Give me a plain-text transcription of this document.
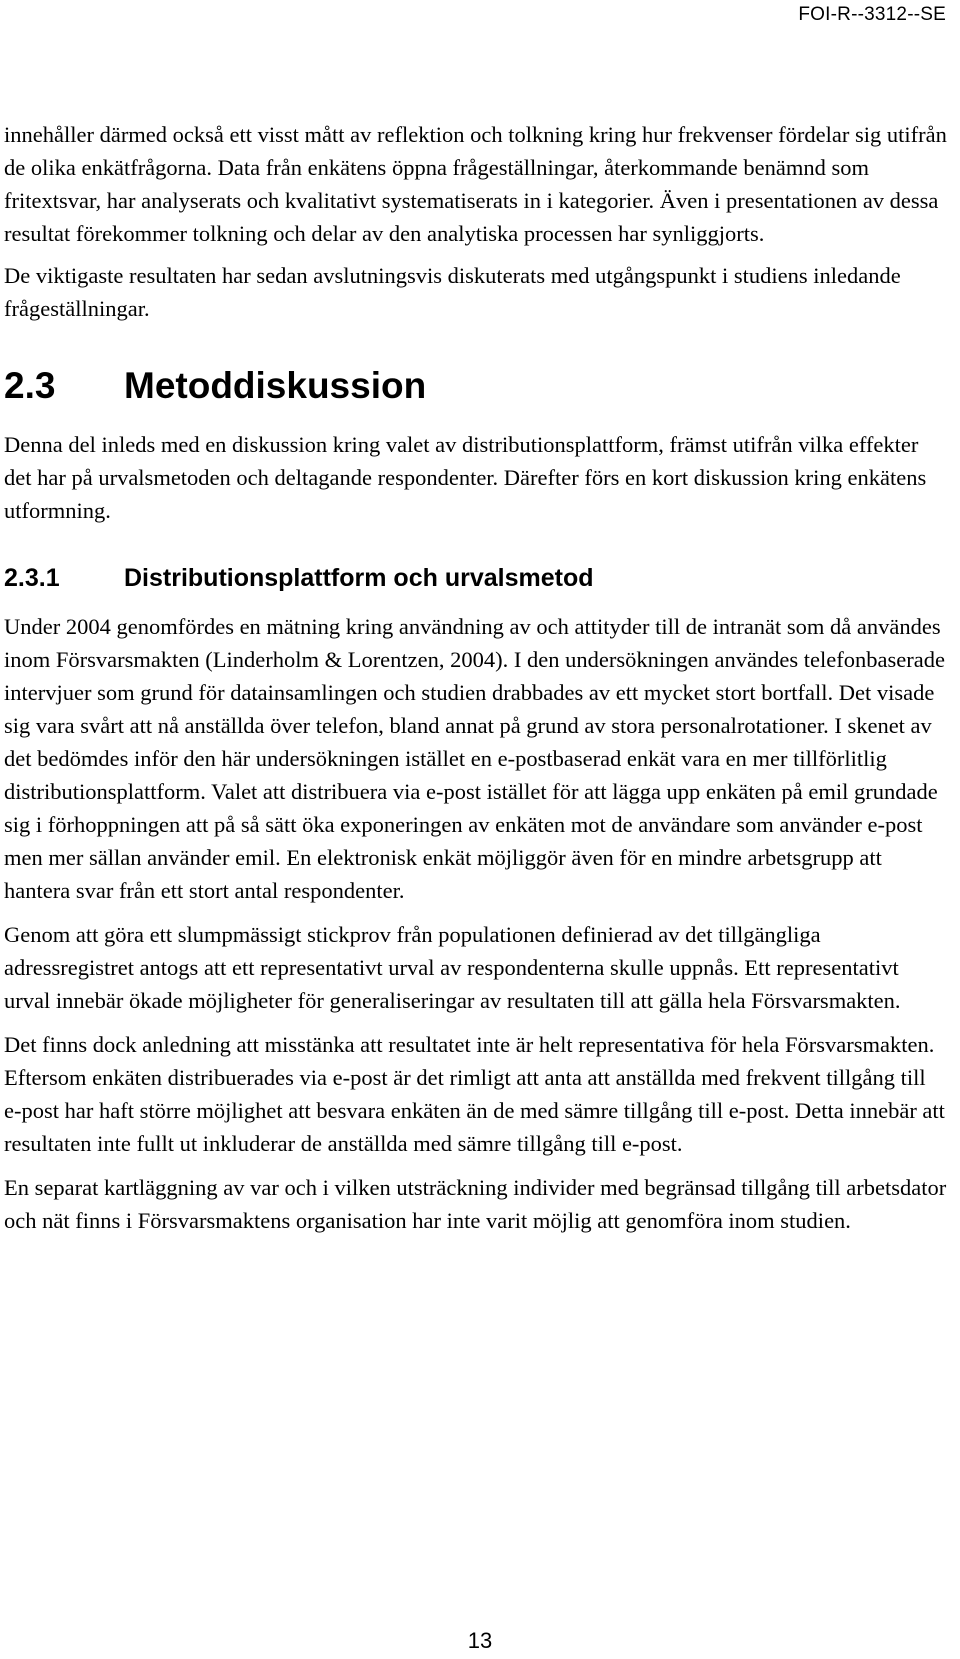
FOI-R--3312--SE

innehåller därmed också ett visst mått av reflektion och tolkning kring hur frekvenser fördelar sig utifrån de olika enkätfrågorna. Data från enkätens öppna frågeställningar, återkommande benämnd som fritextsvar, har analyserats och kvalitativt systematiserats in i kategorier. Även i presentationen av dessa resultat förekommer tolkning och delar av den analytiska processen har synliggjorts.

De viktigaste resultaten har sedan avslutningsvis diskuterats med utgångspunkt i studiens inledande frågeställningar.

2.3	Metoddiskussion

Denna del inleds med en diskussion kring valet av distributionsplattform, främst utifrån vilka effekter det har på urvalsmetoden och deltagande respondenter. Därefter förs en kort diskussion kring enkätens utformning.

2.3.1	Distributionsplattform och urvalsmetod

Under 2004 genomfördes en mätning kring användning av och attityder till de intranät som då användes inom Försvarsmakten (Linderholm & Lorentzen, 2004). I den undersökningen användes telefonbaserade intervjuer som grund för datainsamlingen och studien drabbades av ett mycket stort bortfall. Det visade sig vara svårt att nå anställda över telefon, bland annat på grund av stora personalrotationer. I skenet av det bedömdes inför den här undersökningen istället en e-postbaserad enkät vara en mer tillförlitlig distributionsplattform. Valet att distribuera via e-post istället för att lägga upp enkäten på emil grundade sig i förhoppningen att på så sätt öka exponeringen av enkäten mot de användare som använder e-post men mer sällan använder emil. En elektronisk enkät möjliggör även för en mindre arbetsgrupp att hantera svar från ett stort antal respondenter.

Genom att göra ett slumpmässigt stickprov från populationen definierad av det tillgängliga adressregistret antogs att ett representativt urval av respondenterna skulle uppnås. Ett representativt urval innebär ökade möjligheter för generaliseringar av resultaten till att gälla hela Försvarsmakten.

Det finns dock anledning att misstänka att resultatet inte är helt representativa för hela Försvarsmakten. Eftersom enkäten distribuerades via e-post är det rimligt att anta att anställda med frekvent tillgång till e-post har haft större möjlighet att besvara enkäten än de med sämre tillgång till e-post. Detta innebär att resultaten inte fullt ut inkluderar de anställda med sämre tillgång till e-post.

En separat kartläggning av var och i vilken utsträckning individer med begränsad tillgång till arbetsdator och nät finns i Försvarsmaktens organisation har inte varit möjlig att genomföra inom studien.

13
